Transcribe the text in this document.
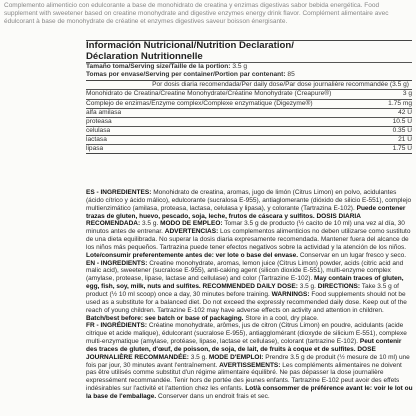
Complemento alimenticio con edulcorante a base de monohidrato de creatina y enzimas digestivas sabor bebida energética. Food supplement with sweetener based on creatine monohydrate and digestive enzymes energy drink flavor. Complément alimentaire avec édulcorant à base de monohydrate de créatine et enzymes digestives saveur boisson énergisante.
Información Nutricional/Nutrition Declaration/
Déclaration Nutritionnelle
Tamaño toma/Serving size/Taille de la portion: 3.5 g
Tomas por envase/Serving per container/Portion par contenant: 85
Por dosis diaria recomendada/Per daily dose/Par dose journalière recommandée (3.5 g)
Monohidrato de Creatina/Creatine Monohydrate/Créatine Monohydrate (Creapure®)	3 g
Complejo de enzimas/Enzyme complex/Complexe enzymatique (Digezyme®)	1.75 mg
alfa amilasa	42 U
proteasa	10.5 U
celulasa	0.35 U
lactasa	21 U
lipasa	1.75 U

ES - INGREDIENTES: Monohidrato de creatina, aromas, jugo de limón (Citrus Limon) en polvo, acidulantes (ácido cítrico y ácido málico), edulcorante (sucralosa E-955), antiaglomerante (dióxido de silicio E-551), complejo multienzimático (amilasa, proteasa, lactasa, celulasa y lipasa), y colorante (Tartrazina E-102). Puede contener trazas de gluten, huevo, pescado, soja, leche, frutos de cáscara y sulfitos. DOSIS DIARIA RECOMENDADA: 3.5 g. MODO DE EMPLEO: Tomar 3.5 g de producto (½ cacito de 10 ml) una vez al día, 30 minutos antes de entrenar. ADVERTENCIAS: Los complementos alimenticios no deben utilizarse como sustituto de una dieta equilibrada. No superar la dosis diaria expresamente recomendada. Mantener fuera del alcance de los niños más pequeños. Tartrazina puede tener efectos negativos sobre la actividad y la atención de los niños. Lote/consumir preferentemente antes de: ver lote o base del envase. Conservar en un lugar fresco y seco.

EN - INGREDIENTS: Creatine monohydrate, aromas, lemon juice (Citrus Limon) powder, acids (citric acid and malic acid), sweetener (sucralose E-955), anti-caking agent (silicon dioxide E-551), multi-enzyme complex (amylase, protease, lipase, lactase and cellulase) and color (Tartrazine E-102). May contain traces of gluten, egg, fish, soy, milk, nuts and sulfites. RECOMMENDED DAILY DOSE: 3.5 g. DIRECTIONS: Take 3.5 g of product (½ 10 ml scoop) once a day, 30 minutes before training. WARNINGS: Food supplements should not be used as a substitute for a balanced diet. Do not exceed the expressly recommended daily dose. Keep out of the reach of young children. Tartrazine E-102 may have adverse effects on activity and attention in children. Batch/best before: see batch or base of packaging. Store in a cool, dry place.

FR - INGRÉDIENTS: Créatine monohydrate, arômes, jus de citron (Citrus Limon) en poudre, acidulants (acide citrique et acide malique), édulcorant (sucralose E-955), antiagglomérant (dioxyde de silicium E-551), complexe multi-enzymatique (amylase, protéase, lipase, lactase et cellulase), colorant (tartrazine E-102). Peut contenir des traces de gluten, d'œuf, de poisson, de soja, de lait, de fruits à coque et de sulfites. DOSE JOURNALIÈRE RECOMMANDÉE: 3.5 g. MODE D'EMPLOI: Prendre 3.5 g de produit (½ mesure de 10 ml) une fois par jour, 30 minutes avant l'entraînement. AVERTISSEMENTS: Les compléments alimentaires ne doivent pas être utilisés comme substitut d'un régime alimentaire équilibré. Ne pas dépasser la dose journalière expressément recommandée. Tenir hors de portée des jeunes enfants. Tartrazine E-102 peut avoir des effets indésirables sur l'activité et l'attention chez les enfants. Lot/à consommer de préférence avant le: voir le lot ou la base de l'emballage. Conserver dans un endroit frais et sec.
